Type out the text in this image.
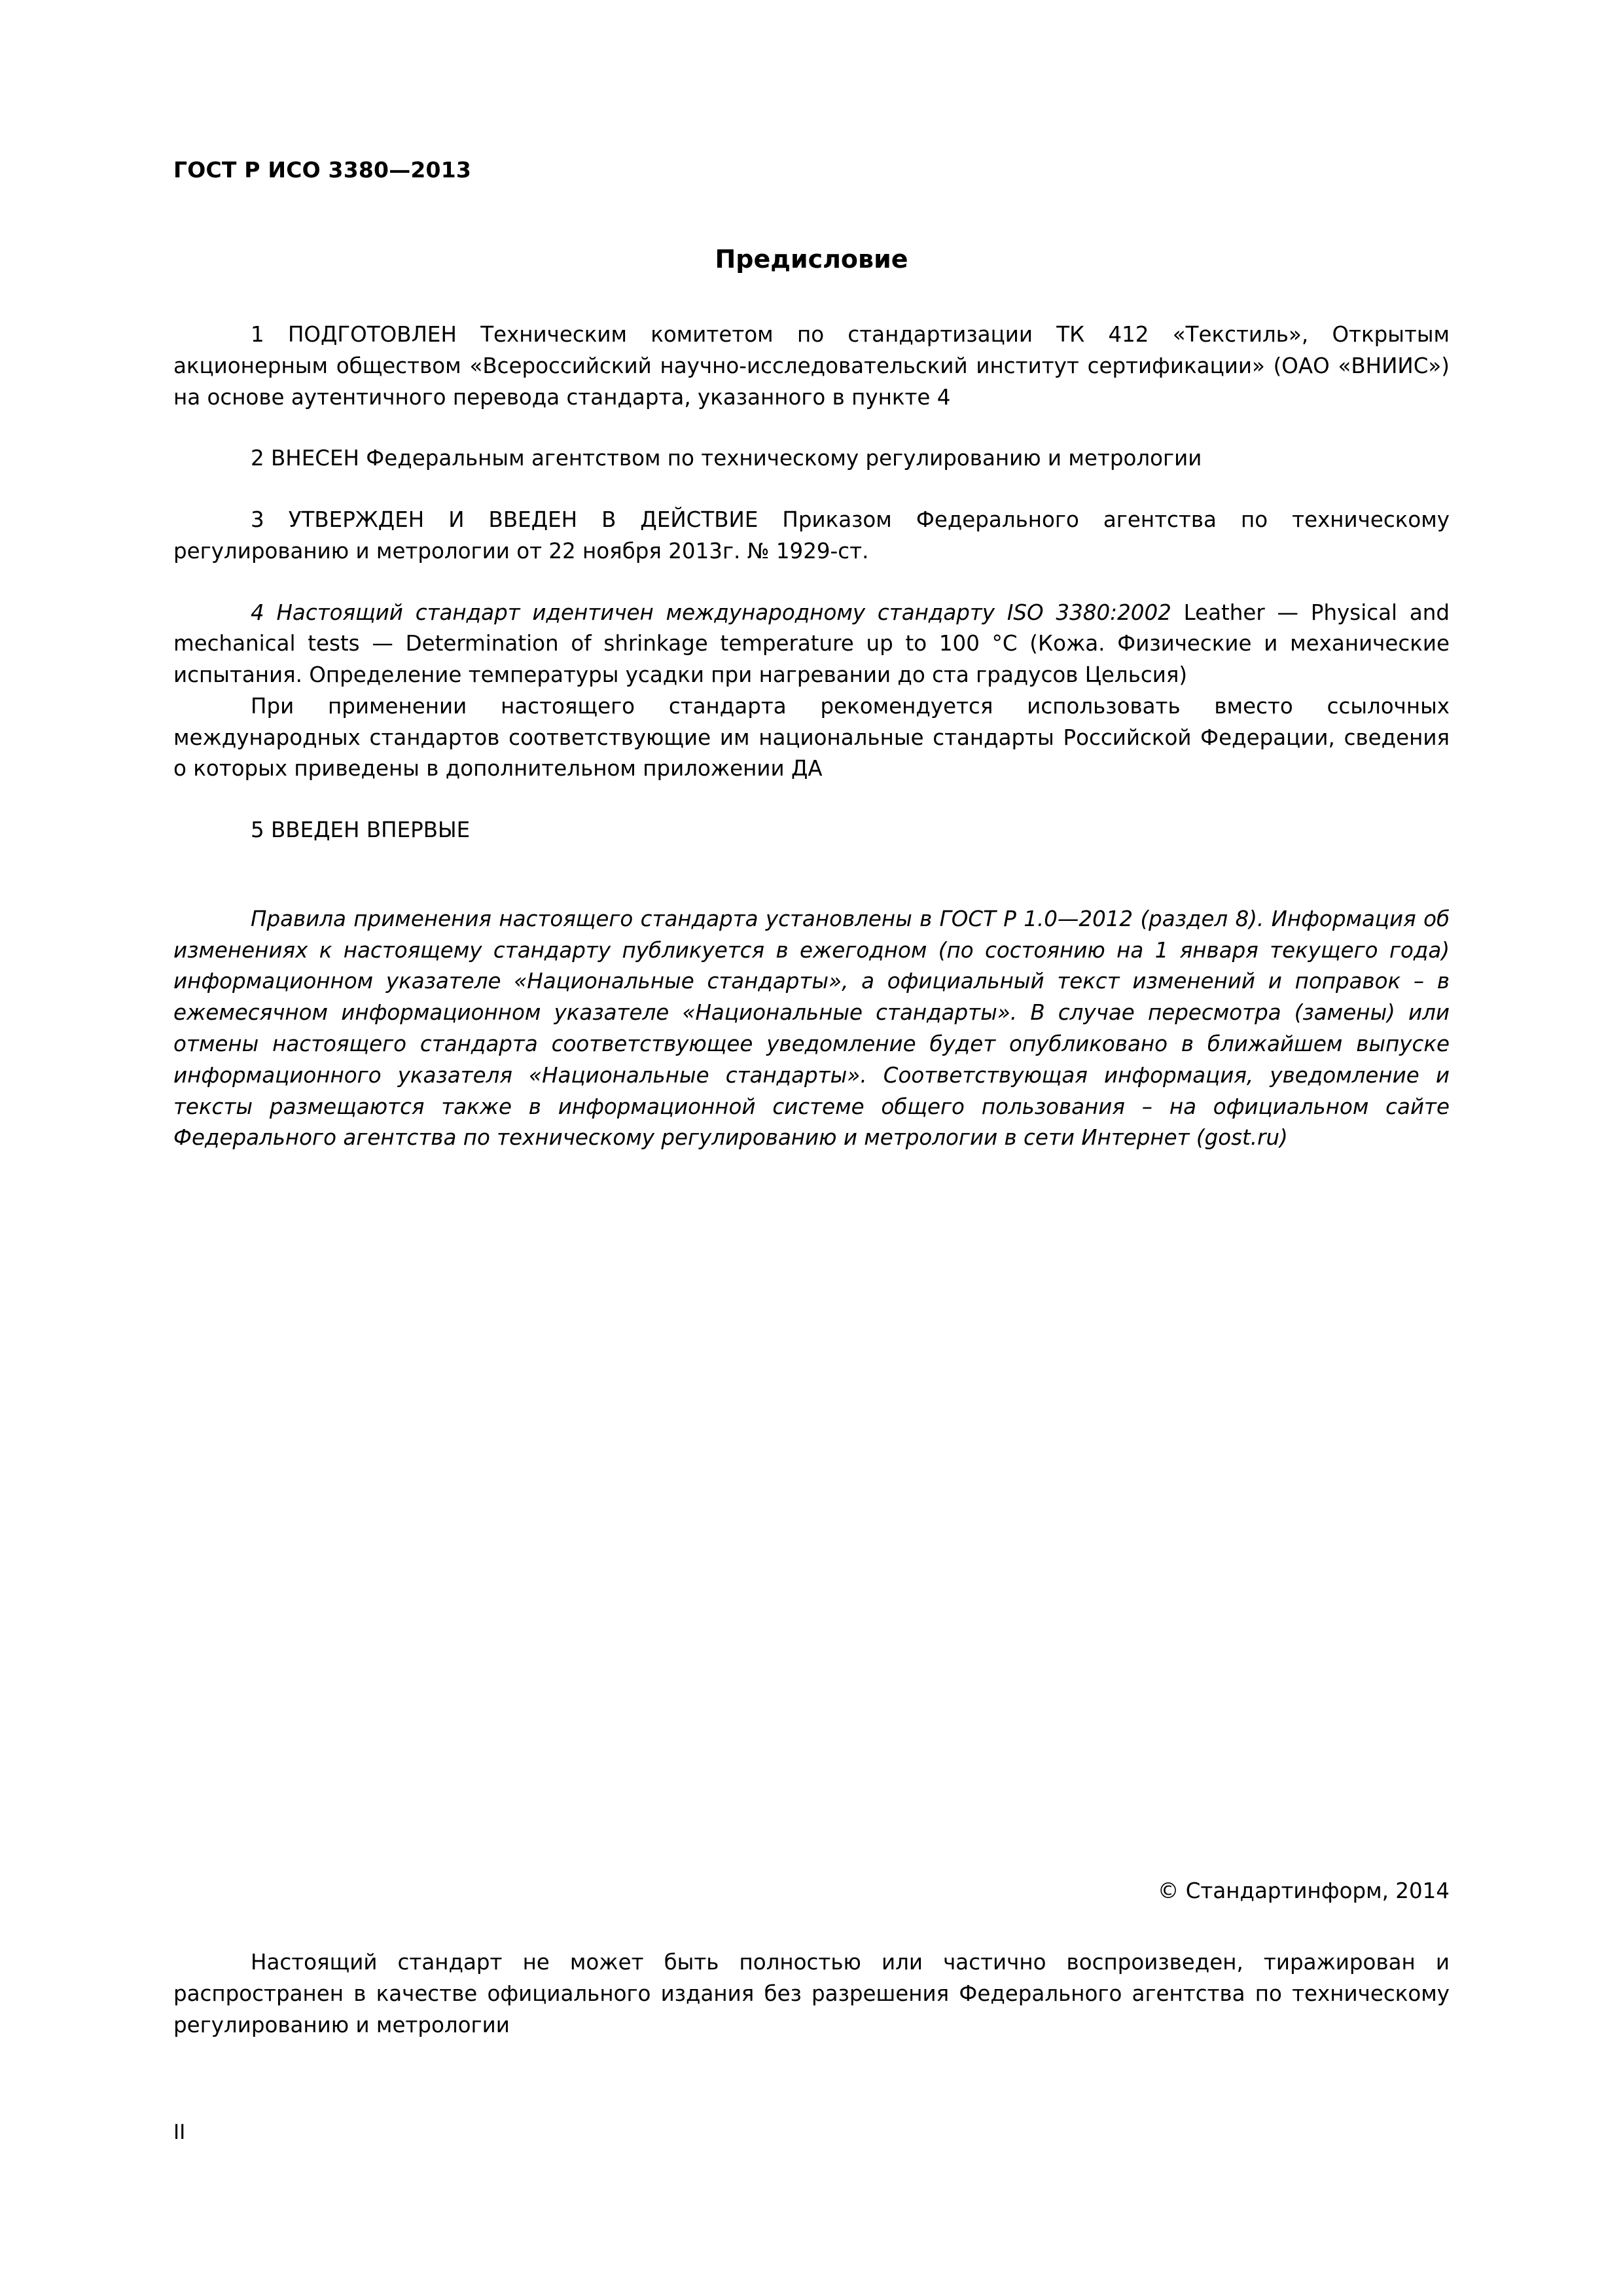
ГОСТ Р ИСО 3380—2013
Предисловие

1 ПОДГОТОВЛЕН Техническим комитетом по стандартизации ТК 412 «Текстиль», Открытым акционерным обществом «Всероссийский научно-исследовательский институт сертификации» (ОАО «ВНИИС») на основе аутентичного перевода стандарта, указанного в пункте 4

2 ВНЕСЕН Федеральным агентством по техническому регулированию и метрологии

3 УТВЕРЖДЕН И ВВЕДЕН В ДЕЙСТВИЕ Приказом Федерального агентства по техническому регулированию и метрологии от 22 ноября 2013г. № 1929-ст.

4 Настоящий стандарт идентичен международному стандарту ISO 3380:2002 Leather — Physical and mechanical tests — Determination of shrinkage temperature up to 100 °C (Кожа. Физические и механические испытания. Определение температуры усадки при нагревании до ста градусов Цельсия)

При применении настоящего стандарта рекомендуется использовать вместо ссылочных международных стандартов соответствующие им национальные стандарты Российской Федерации, сведения о которых приведены в дополнительном приложении ДА

5 ВВЕДЕН ВПЕРВЫЕ

Правила применения настоящего стандарта установлены в ГОСТ Р 1.0—2012 (раздел 8). Информация об изменениях к настоящему стандарту публикуется в ежегодном (по состоянию на 1 января текущего года) информационном указателе «Национальные стандарты», а официальный текст изменений и поправок – в ежемесячном информационном указателе «Национальные стандарты». В случае пересмотра (замены) или отмены настоящего стандарта соответствующее уведомление будет опубликовано в ближайшем выпуске информационного указателя «Национальные стандарты». Соответствующая информация, уведомление и тексты размещаются также в информационной системе общего пользования – на официальном сайте Федерального агентства по техническому регулированию и метрологии в сети Интернет (gost.ru)

© Стандартинформ, 2014
Настоящий стандарт не может быть полностью или частично воспроизведен, тиражирован и распространен в качестве официального издания без разрешения Федерального агентства по техническому регулированию и метрологии
II
